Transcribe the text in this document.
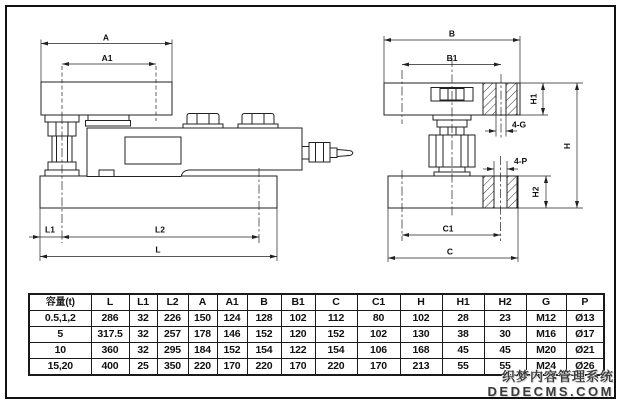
A
A1
L1	L2
L
B
B1
4-G
4-P
H1
H
H2
C1
C
容量(t)	L	L1	L2	A	A1	B	B1	C	C1	H	H1	H2	G	P
0.5,1,2	286	32	226	150	124	128	102	112	80	102	28	23	M12	Ø13
5	317.5	32	257	178	146	152	120	152	102	130	38	30	M16	Ø17
10	360	32	295	184	152	154	122	154	106	168	45	45	M20	Ø21
15,20	400	25	350	220	170	220	170	220	170	213	55	55	M24	Ø26
织梦内容管理系统
DEDECMS.COM
